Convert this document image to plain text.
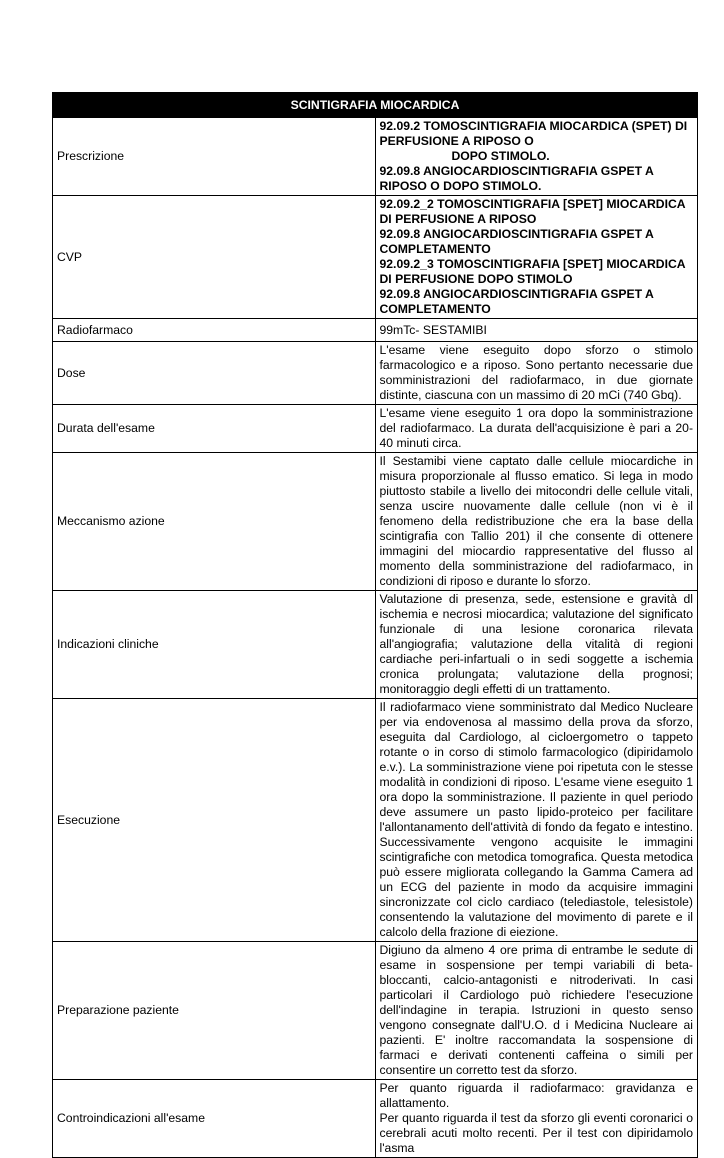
SCINTIGRAFIA MIOCARDICA	
Prescrizione	92.09.2 TOMOSCINTIGRAFIA MIOCARDICA (SPET) DI PERFUSIONE A RIPOSO O
DOPO STIMOLO.
92.09.8 ANGIOCARDIOSCINTIGRAFIA GSPET A RIPOSO O DOPO STIMOLO.

CVP	92.09.2_2 TOMOSCINTIGRAFIA [SPET] MIOCARDICA DI PERFUSIONE A RIPOSO
92.09.8 ANGIOCARDIOSCINTIGRAFIA GSPET A COMPLETAMENTO
92.09.2_3 TOMOSCINTIGRAFIA [SPET] MIOCARDICA DI PERFUSIONE DOPO STIMOLO
92.09.8 ANGIOCARDIOSCINTIGRAFIA GSPET A COMPLETAMENTO

Radiofarmaco	99mTc- SESTAMIBI
Dose	L'esame viene eseguito dopo sforzo o stimolo farmacologico e a riposo. Sono pertanto necessarie due somministrazioni del radiofarmaco, in due giornate distinte, ciascuna con un massimo di 20 mCi (740 Gbq).
Durata dell'esame	L'esame viene eseguito 1 ora dopo la somministrazione del radiofarmaco. La durata dell'acquisizione è pari a 20-40 minuti circa.
Meccanismo azione	Il Sestamibi viene captato dalle cellule miocardiche in misura proporzionale al flusso ematico. Si lega in modo piuttosto stabile a livello dei mitocondri delle cellule vitali, senza uscire nuovamente dalle cellule (non vi è il fenomeno della redistribuzione che era la base della scintigrafia con Tallio 201) il che consente di ottenere immagini del miocardio rappresentative del flusso al momento della somministrazione del radiofarmaco, in condizioni di riposo e durante lo sforzo.
Indicazioni cliniche	Valutazione di presenza, sede, estensione e gravità dl ischemia e necrosi miocardica; valutazione del significato funzionale di una lesione coronarica rilevata all'angiografia; valutazione della vitalità di regioni cardiache peri-infartuali o in sedi soggette a ischemia cronica prolungata; valutazione della prognosi; monitoraggio degli effetti di un trattamento.
Esecuzione	Il radiofarmaco viene somministrato dal Medico Nucleare per via endovenosa al massimo della prova da sforzo, eseguita dal Cardiologo, al cicloergometro o tappeto rotante o in corso di stimolo farmacologico (dipiridamolo e.v.). La somministrazione viene poi ripetuta con le stesse modalità in condizioni di riposo. L'esame viene eseguito 1 ora dopo la somministrazione. Il paziente in quel periodo deve assumere un pasto lipido-proteico per facilitare l'allontanamento dell'attività di fondo da fegato e intestino. Successivamente vengono acquisite le immagini scintigrafiche con metodica tomografica. Questa metodica può essere migliorata collegando la Gamma Camera ad un ECG del paziente in modo da acquisire immagini sincronizzate col ciclo cardiaco (telediastole, telesistole) consentendo la valutazione del movimento di parete e il calcolo della frazione di eiezione.
Preparazione paziente	Digiuno da almeno 4 ore prima di entrambe le sedute di esame in sospensione per tempi variabili di beta-bloccanti, calcio-antagonisti e nitroderivati. In casi particolari il Cardiologo può richiedere l'esecuzione dell'indagine in terapia. Istruzioni in questo senso vengono consegnate dall'U.O. d i Medicina Nucleare ai pazienti. E' inoltre raccomandata la sospensione di farmaci e derivati contenenti caffeina o simili per consentire un corretto test da sforzo.
Controindicazioni all'esame	Per quanto riguarda il radiofarmaco: gravidanza e allattamento.
Per quanto riguarda il test da sforzo gli eventi coronarici o cerebrali acuti molto recenti. Per il test con dipiridamolo l'asma
